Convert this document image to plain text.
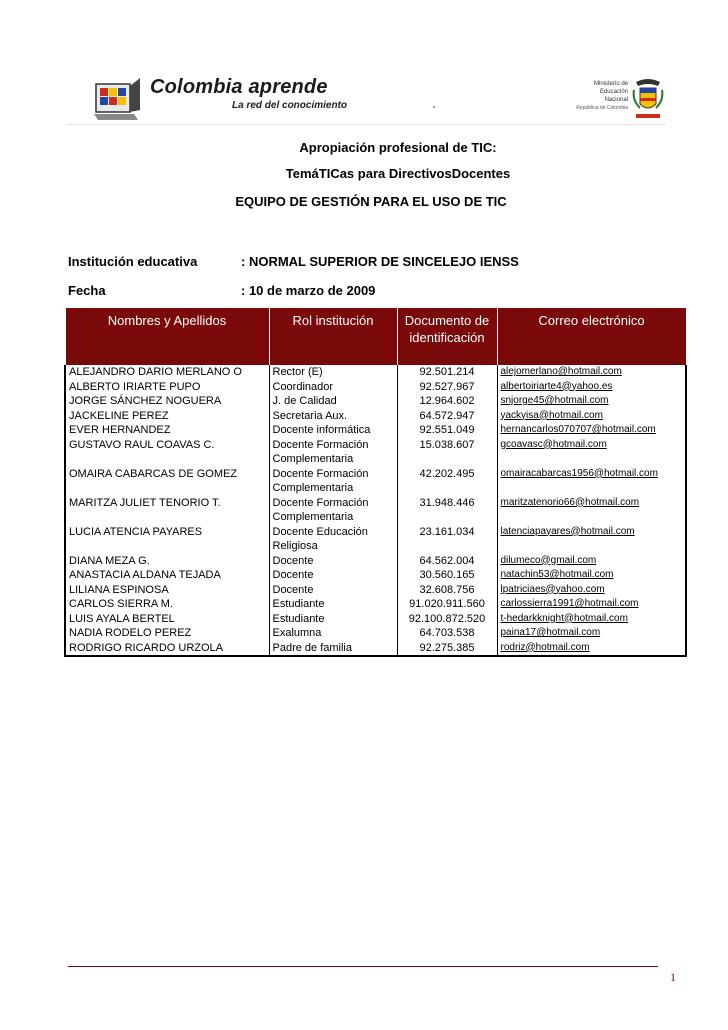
Colombia aprende
La red del conocimiento
Ministerio de
Educación
Nacional
República de Colombia
Apropiación profesional de TIC:
TemáTICas para DirectivosDocentes
EQUIPO DE GESTIÓN PARA EL USO DE TIC
Institución educativa	: NORMAL SUPERIOR DE SINCELEJO IENSS
Fecha	: 10 de marzo de 2009
Nombres y Apellidos	Rol institución	Documento de identificación	Correo electrónico
ALEJANDRO DARIO MERLANO O	Rector (E)	92.501.214	alejomerlano@hotmail.com
ALBERTO IRIARTE PUPO	Coordinador	92.527.967	albertoiriarte4@yahoo.es
JORGE SÁNCHEZ NOGUERA	J. de Calidad	12.964.602	snjorge45@hotmail.com
JACKELINE PEREZ	Secretaria Aux.	64.572.947	yackyisa@hotmail.com
EVER HERNANDEZ	Docente informática	92.551.049	hernancarlos070707@hotmail.com
GUSTAVO RAUL COAVAS C.	Docente Formación Complementaria	15.038.607	gcoavasc@hotmail.com
OMAIRA CABARCAS DE GOMEZ	Docente Formación Complementaria	42.202.495	omairacabarcas1956@hotmail.com
MARITZA JULIET TENORIO T.	Docente Formación Complementaria	31.948.446	maritzatenorio66@hotmail.com
LUCIA ATENCIA PAYARES	Docente Educación Religiosa	23.161.034	latenciapayares@hotmail.com
DIANA MEZA G.	Docente	64.562.004	dilumeco@gmail.com
ANASTACIA ALDANA TEJADA	Docente	30.560.165	natachin53@hotmail.com
LILIANA ESPINOSA	Docente	32.608.756	lpatriciaes@yahoo.com
CARLOS SIERRA M.	Estudiante	91.020.911.560	carlossierra1991@hotmail.com
LUIS AYALA BERTEL	Estudiante	92.100.872.520	t-hedarkknight@hotmail.com
NADIA RODELO PEREZ	Exalumna	64.703.538	paina17@hotmail.com
RODRIGO RICARDO URZOLA	Padre de familia	92.275.385	rodriz@hotmail.com
1
